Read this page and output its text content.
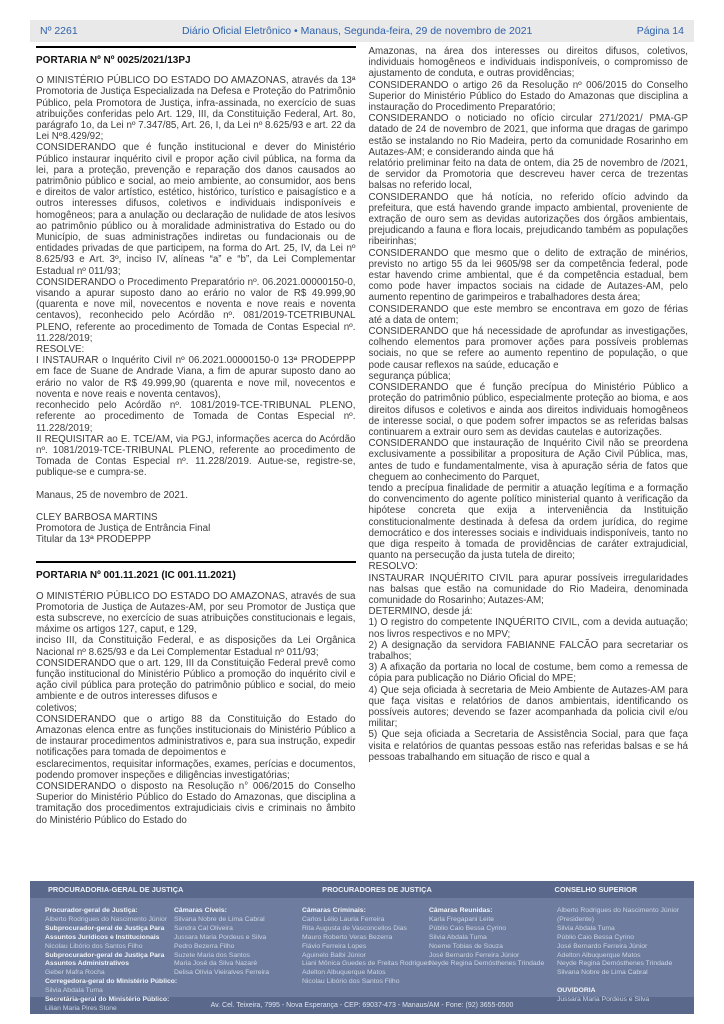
Nº 2261	Diário Oficial Eletrônico • Manaus, Segunda-feira, 29 de novembro de 2021	Página 14
PORTARIA Nº Nº 0025/2021/13PJ

O MINISTÉRIO PÚBLICO DO ESTADO DO AMAZONAS, através da 13ª Promotoria de Justiça Especializada na Defesa e Proteção do Patrimônio Público, pela Promotora de Justiça, infra-assinada, no exercício de suas atribuições conferidas pelo Art. 129, III, da Constituição Federal, Art. 8o, parágrafo 1o, da Lei nº 7.347/85, Art. 26, I, da Lei nº 8.625/93 e art. 22 da Lei Nº8.429/92;

CONSIDERANDO que é função institucional e dever do Ministério Público instaurar inquérito civil e propor ação civil pública, na forma da lei, para a proteção, prevenção e reparação dos danos causados ao patrimônio público e social, ao meio ambiente, ao consumidor, aos bens e direitos de valor artístico, estético, histórico, turístico e paisagístico e a outros interesses difusos, coletivos e individuais indisponíveis e homogêneos; para a anulação ou declaração de nulidade de atos lesivos ao patrimônio público ou à moralidade administrativa do Estado ou do Município, de suas administrações indiretas ou fundacionais ou de entidades privadas de que participem, na forma do Art. 25, IV, da Lei nº 8.625/93 e Art. 3º, inciso IV, alíneas “a” e “b”, da Lei Complementar Estadual nº 011/93;

CONSIDERANDO o Procedimento Preparatório nº. 06.2021.00000150-0, visando a apurar suposto dano ao erário no valor de R$ 49.999,90 (quarenta e nove mil, novecentos e noventa e nove reais e noventa centavos), reconhecido pelo Acórdão nº. 081/2019-TCETRIBUNAL PLENO, referente ao procedimento de Tomada de Contas Especial nº. 11.228/2019;

RESOLVE:

I INSTAURAR o Inquérito Civil nº 06.2021.00000150-0 13ª PRODEPPP em face de Suane de Andrade Viana, a fim de apurar suposto dano ao erário no valor de R$ 49.999,90 (quarenta e nove mil, novecentos e noventa e nove reais e noventa centavos),

reconhecido pelo Acórdão nº. 1081/2019-TCE-TRIBUNAL PLENO, referente ao procedimento de Tomada de Contas Especial nº. 11.228/2019;

II REQUISITAR ao E. TCE/AM, via PGJ, informações acerca do Acórdão nº. 1081/2019-TCE-TRIBUNAL PLENO, referente ao procedimento de Tomada de Contas Especial nº. 11.228/2019. Autue-se, registre-se, publique-se e cumpra-se.

Manaus, 25 de novembro de 2021.

CLEY BARBOSA MARTINS

Promotora de Justiça de Entrância Final

Titular da 13ª PRODEPPP

PORTARIA Nº 001.11.2021 (IC 001.11.2021)

O MINISTÉRIO PÚBLICO DO ESTADO DO AMAZONAS, através de sua Promotoria de Justiça de Autazes-AM, por seu Promotor de Justiça que esta subscreve, no exercício de suas atribuições constitucionais e legais, máxime os artigos 127, caput, e 129,

inciso III, da Constituição Federal, e as disposições da Lei Orgânica Nacional nº 8.625/93 e da Lei Complementar Estadual nº 011/93;

CONSIDERANDO que o art. 129, III da Constituição Federal prevê como função institucional do Ministério Público a promoção do inquérito civil e ação civil pública para proteção do patrimônio público e social, do meio ambiente e de outros interesses difusos e

coletivos;

CONSIDERANDO que o artigo 88 da Constituição do Estado do Amazonas elenca entre as funções institucionais do Ministério Público a de instaurar procedimentos administrativos e, para sua instrução, expedir notificações para tomada de depoimentos e

esclarecimentos, requisitar informações, exames, perícias e documentos, podendo promover inspeções e diligências investigatórias;

CONSIDERANDO o disposto na Resolução n° 006/2015 do Conselho Superior do Ministério Público do Estado do Amazonas, que disciplina a tramitação dos procedimentos extrajudiciais civis e criminais no âmbito do Ministério Público do Estado do

Amazonas, na área dos interesses ou direitos difusos, coletivos, individuais homogêneos e individuais indisponíveis, o compromisso de ajustamento de conduta, e outras providências;

CONSIDERANDO o artigo 26 da Resolução nº 006/2015 do Conselho Superior do Ministério Público do Estado do Amazonas que disciplina a instauração do Procedimento Preparatório;

CONSIDERANDO o noticiado no ofício circular 271/2021/ PMA-GP datado de 24 de novembro de 2021, que informa que dragas de garimpo estão se instalando no Rio Madeira, perto da comunidade Rosarinho em Autazes-AM; e considerando ainda que há

relatório preliminar feito na data de ontem, dia 25 de novembro de /2021, de servidor da Promotoria que descreveu haver cerca de trezentas balsas no referido local,

CONSIDERANDO que há notícia, no referido ofício advindo da prefeitura, que está havendo grande impacto ambiental, proveniente de extração de ouro sem as devidas autorizações dos órgãos ambientais, prejudicando a fauna e flora locais, prejudicando também as populações ribeirinhas;

CONSIDERANDO que mesmo que o delito de extração de minérios, previsto no artigo 55 da lei 9605/98 ser da competência federal, pode estar havendo crime ambiental, que é da competência estadual, bem como pode haver impactos sociais na cidade de Autazes-AM, pelo aumento repentino de garimpeiros e trabalhadores desta área;

CONSIDERANDO que este membro se encontrava em gozo de férias até a data de ontem;

CONSIDERANDO que há necessidade de aprofundar as investigações, colhendo elementos para promover ações para possíveis problemas sociais, no que se refere ao aumento repentino de população, o que pode causar reflexos na saúde, educação e

segurança pública;

CONSIDERANDO que é função precípua do Ministério Público a proteção do patrimônio público, especialmente proteção ao bioma, e aos direitos difusos e coletivos e ainda aos direitos individuais homogêneos de interesse social, o que podem sofrer impactos se as referidas balsas continuarem a extrair ouro sem as devidas cautelas e autorizações.

CONSIDERANDO que instauração de Inquérito Civil não se preordena exclusivamente a possibilitar a propositura de Ação Civil Pública, mas, antes de tudo e fundamentalmente, visa à apuração séria de fatos que cheguem ao conhecimento do Parquet,

tendo a precípua finalidade de permitir a atuação legítima e a formação do convencimento do agente político ministerial quanto à verificação da hipótese concreta que exija a interveniência da Instituição constitucionalmente destinada à defesa da ordem jurídica, do regime democrático e dos interesses sociais e individuais indisponíveis, tanto no que diga respeito à tomada de providências de caráter extrajudicial, quanto na persecução da justa tutela de direito;

RESOLVO:

INSTAURAR INQUÉRITO CIVIL para apurar possíveis irregularidades nas balsas que estão na comunidade do Rio Madeira, denominada comunidade do Rosarinho; Autazes-AM;

DETERMINO, desde já:

1) O registro do competente INQUÉRITO CIVIL, com a devida autuação; nos livros respectivos e no MPV;

2) A designação da servidora FABIANNE FALCÃO para secretariar os trabalhos;

3) A afixação da portaria no local de costume, bem como a remessa de cópia para publicação no Diário Oficial do MPE;

4) Que seja oficiada à secretaria de Meio Ambiente de Autazes-AM para que faça visitas e relatórios de danos ambientais, identificando os possíveis autores; devendo se fazer acompanhada da policia civil e/ou militar;

5) Que seja oficiada a Secretaria de Assistência Social, para que faça visita e relatórios de quantas pessoas estão nas referidas balsas e se há pessoas trabalhando em situação de risco e qual a

PROCURADORIA-GERAL DE JUSTIÇA	PROCURADORES DE JUSTIÇA	CONSELHO SUPERIOR

Procurador-geral de Justiça:

Alberto Rodrigues do Nascimento Júnior

Subprocurador-geral de Justiça Para

Assuntos Jurídicos e Institucionais

Nicolau Libório dos Santos Filho

Subprocurador-geral de Justiça Para

Assuntos Administrativos

Geber Mafra Rocha

Corregedora-geral do Ministério Público:

Silvia Abdala Tuma

Secretária-geral do Ministério Público:

Lilian Maria Pires Stone

Câmaras Cíveis:

Silvana Nobre de Lima Cabral

Sandra Cal Oliveira

Jussara Maria Pordeus e Silva

Pedro Bezerra Filho

Suzete Maria dos Santos

Maria José da Silva Nazaré

Delisa Olívia Vieiralves Ferreira

Câmaras Criminais:

Carlos Lélio Lauria Ferreira

Rita Augusta de Vasconcellos Dias

Mauro Roberto Veras Bezerra

Flávio Ferreira Lopes

Aguinelo Balbi Júnior

Liani Mônica Guedes de Freitas Rodrigues

Adelton Albuquerque Matos

Nicolau Libório dos Santos Filho

Câmaras Reunidas:

Karla Fregapani Leite

Públio Caio Bessa Cyrino

Silvia Abdala Tuma

Noeme Tobias de Souza

José Bernardo Ferreira Júnior

Neyde Regina Demósthenes Trindade

Alberto Rodrigues do Nascimento Júnior

(Presidente)

Silvia Abdala Tuma

Públio Caio Bessa Cyrino

José Bernardo Ferreira Júnior

Adelton Albuquerque Matos

Neyde Regina Demósthenes Trindade

Silvana Nobre de Lima Cabral

OUVIDORIA

Jussara Maria Pordeus e Silva

Av. Cel. Teixeira, 7995 - Nova Esperança - CEP: 69037-473 - Manaus/AM - Fone: (92) 3655-0500
